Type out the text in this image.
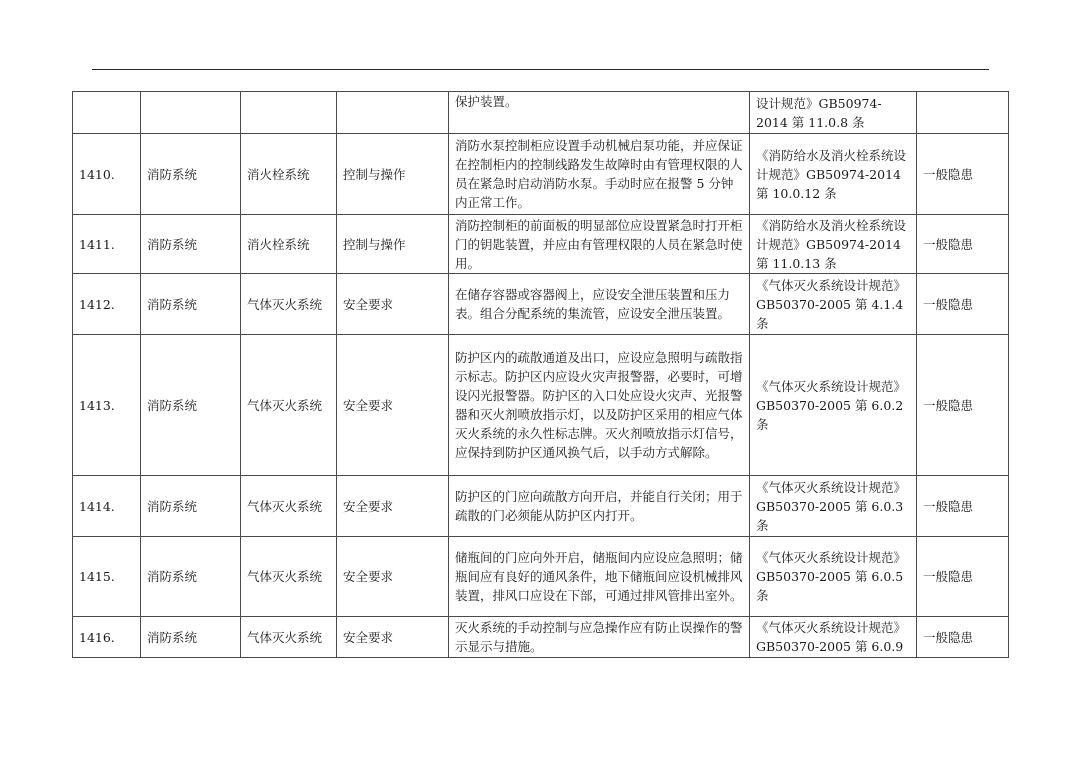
				保护装置。	设计规范》GB50974-2014 第 11.0.8 条	
1410.	消防系统	消火栓系统	控制与操作	消防水泵控制柜应设置手动机械启泵功能，并应保证在控制柜内的控制线路发生故障时由有管理权限的人员在紧急时启动消防水泵。手动时应在报警 5 分钟内正常工作。	《消防给水及消火栓系统设计规范》GB50974-2014 第 10.0.12 条	一般隐患
1411.	消防系统	消火栓系统	控制与操作	消防控制柜的前面板的明显部位应设置紧急时打开柜门的钥匙装置，并应由有管理权限的人员在紧急时使用。	《消防给水及消火栓系统设计规范》GB50974-2014 第 11.0.13 条	一般隐患
1412.	消防系统	气体灭火系统	安全要求	在储存容器或容器阀上，应设安全泄压装置和压力表。组合分配系统的集流管，应设安全泄压装置。	《气体灭火系统设计规范》GB50370-2005 第 4.1.4 条	一般隐患
1413.	消防系统	气体灭火系统	安全要求	防护区内的疏散通道及出口，应设应急照明与疏散指示标志。防护区内应设火灾声报警器，必要时，可增设闪光报警器。防护区的入口处应设火灾声、光报警器和灭火剂喷放指示灯，以及防护区采用的相应气体灭火系统的永久性标志牌。灭火剂喷放指示灯信号，应保持到防护区通风换气后，以手动方式解除。	《气体灭火系统设计规范》GB50370-2005 第 6.0.2 条	一般隐患
1414.	消防系统	气体灭火系统	安全要求	防护区的门应向疏散方向开启，并能自行关闭；用于疏散的门必须能从防护区内打开。	《气体灭火系统设计规范》GB50370-2005 第 6.0.3 条	一般隐患
1415.	消防系统	气体灭火系统	安全要求	储瓶间的门应向外开启，储瓶间内应设应急照明；储瓶间应有良好的通风条件，地下储瓶间应设机械排风装置，排风口应设在下部，可通过排风管排出室外。	《气体灭火系统设计规范》GB50370-2005 第 6.0.5 条	一般隐患
1416.	消防系统	气体灭火系统	安全要求	灭火系统的手动控制与应急操作应有防止误操作的警示显示与措施。	《气体灭火系统设计规范》GB50370-2005 第 6.0.9	一般隐患
